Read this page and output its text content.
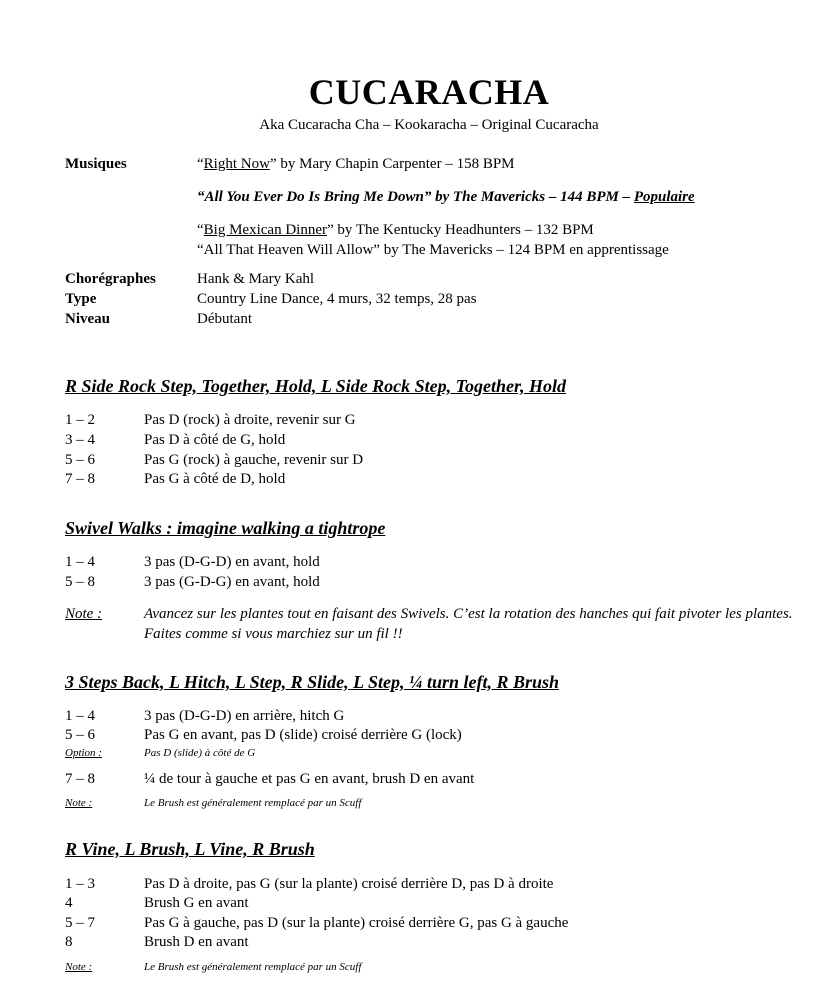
CUCARACHA
Aka Cucaracha Cha – Kookaracha – Original Cucaracha
Musiques	“Right Now” by Mary Chapin Carpenter – 158 BPM
“All You Ever Do Is Bring Me Down” by The Mavericks – 144 BPM – Populaire
“Big Mexican Dinner” by The Kentucky Headhunters – 132 BPM
“All That Heaven Will Allow” by The Mavericks – 124 BPM en apprentissage
Chorégraphes	Hank & Mary Kahl
Type	Country Line Dance, 4 murs, 32 temps, 28 pas
Niveau	Débutant
R Side Rock Step, Together, Hold, L Side Rock Step, Together, Hold
1 – 2	Pas D (rock) à droite, revenir sur G
3 – 4	Pas D à côté de G, hold
5 – 6	Pas G (rock) à gauche, revenir sur D
7 – 8	Pas G à côté de D, hold
Swivel Walks : imagine walking a tightrope
1 – 4	3 pas (D-G-D) en avant, hold
5 – 8	3 pas (G-D-G) en avant, hold
Note :	Avancez sur les plantes tout en faisant des Swivels. C’est la rotation des hanches qui fait pivoter les plantes. Faites comme si vous marchiez sur un fil !!
3 Steps Back, L Hitch, L Step, R Slide, L Step, ¼ turn left, R Brush
1 – 4	3 pas (D-G-D) en arrière, hitch G
5 – 6	Pas G en avant, pas D (slide) croisé derrière G (lock)
Option :	Pas D (slide) à côté de G
7 – 8	¼ de tour à gauche et pas G en avant, brush D en avant
Note :	Le Brush est généralement remplacé par un Scuff
R Vine, L Brush, L Vine, R Brush
1 – 3	Pas D à droite, pas G (sur la plante) croisé derrière D, pas D à droite
4	Brush G en avant
5 – 7	Pas G à gauche, pas D (sur la plante) croisé derrière G, pas G à gauche
8	Brush D en avant
Note :	Le Brush est généralement remplacé par un Scuff
